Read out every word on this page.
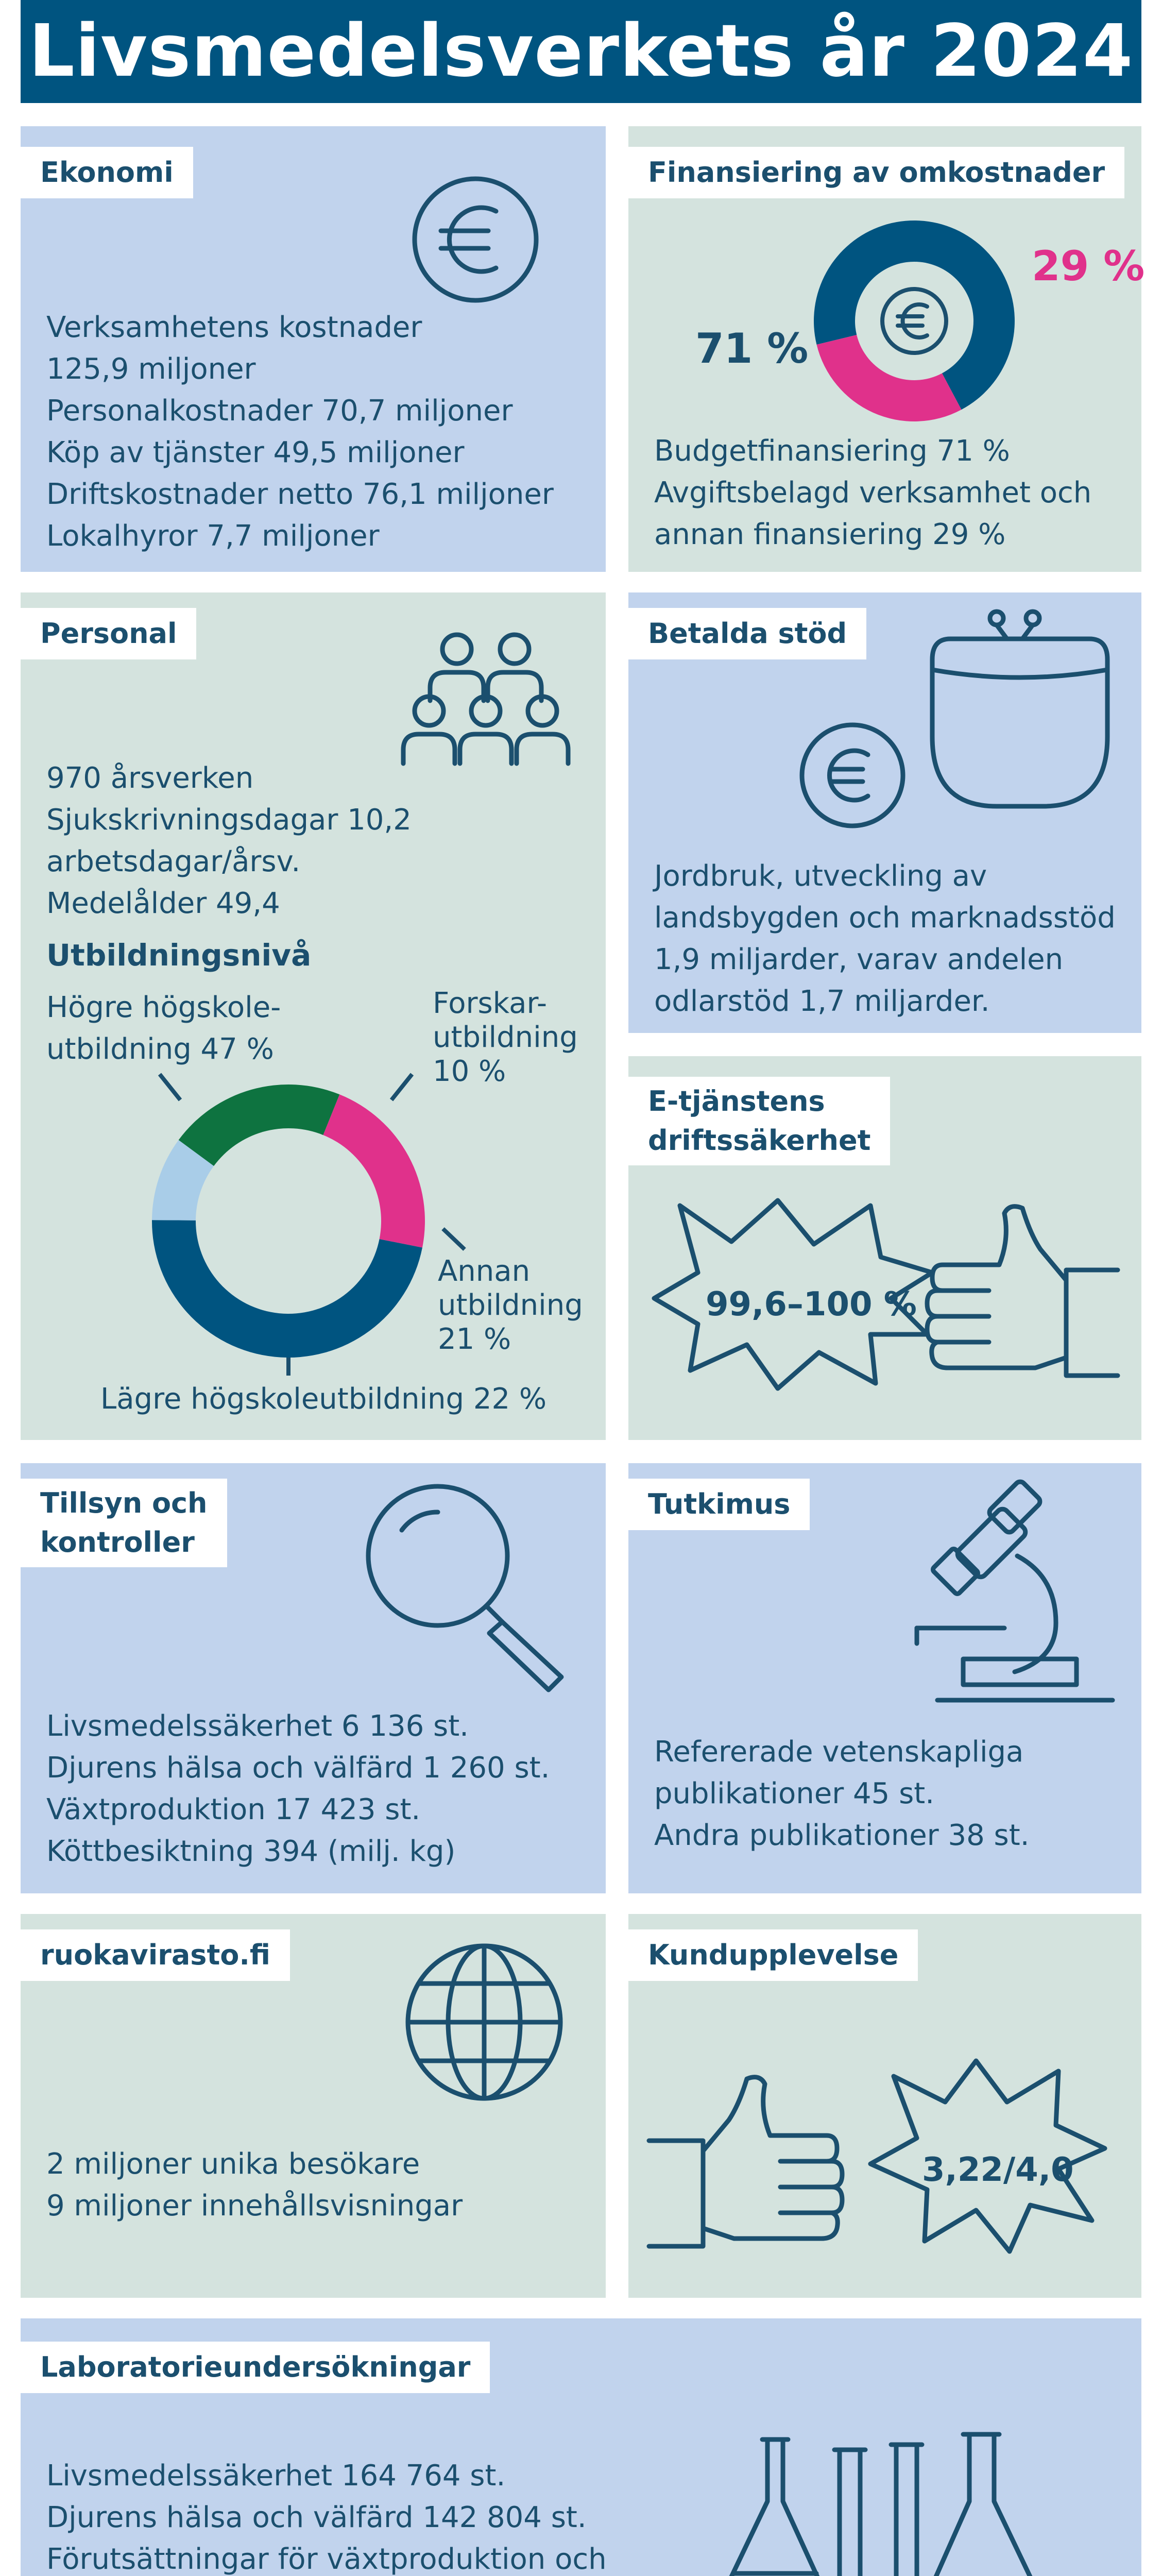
Livsmedelsverkets år 2024
Ekonomi
Verksamhetens kostnader
125,9 miljoner
Personalkostnader 70,7 miljoner
Köp av tjänster 49,5 miljoner
Driftskostnader netto 76,1 miljoner
Lokalhyror 7,7 miljoner
Finansiering av omkostnader
71 %
29 %
Budgetfinansiering 71 %
Avgiftsbelagd verksamhet och
annan finansiering 29 %
Personal
970 årsverken
Sjukskrivningsdagar 10,2
arbetsdagar/årsv.
Medelålder 49,4
Utbildningsnivå
Högre högskole-
utbildning 47 %
Forskar-
utbildning
10 %
Annan
utbildning
21 %
Lägre högskoleutbildning 22 %
Betalda stöd
Jordbruk, utveckling av
landsbygden och marknadsstöd
1,9 miljarder, varav andelen
odlarstöd 1,7 miljarder.
E-tjänstens
driftssäkerhet
99,6–100 %
Tillsyn och
kontroller
Livsmedelssäkerhet 6 136 st.
Djurens hälsa och välfärd 1 260 st.
Växtproduktion 17 423 st.
Köttbesiktning 394 (milj. kg)
Tutkimus
Refererade vetenskapliga
publikationer 45 st.
Andra publikationer 38 st.
ruokavirasto.fi
2 miljoner unika besökare
9 miljoner innehållsvisningar
Kundupplevelse
3,22/4,0
Laboratorieundersökningar
Livsmedelssäkerhet 164 764 st.
Djurens hälsa och välfärd 142 804 st.
Förutsättningar för växtproduktion och
